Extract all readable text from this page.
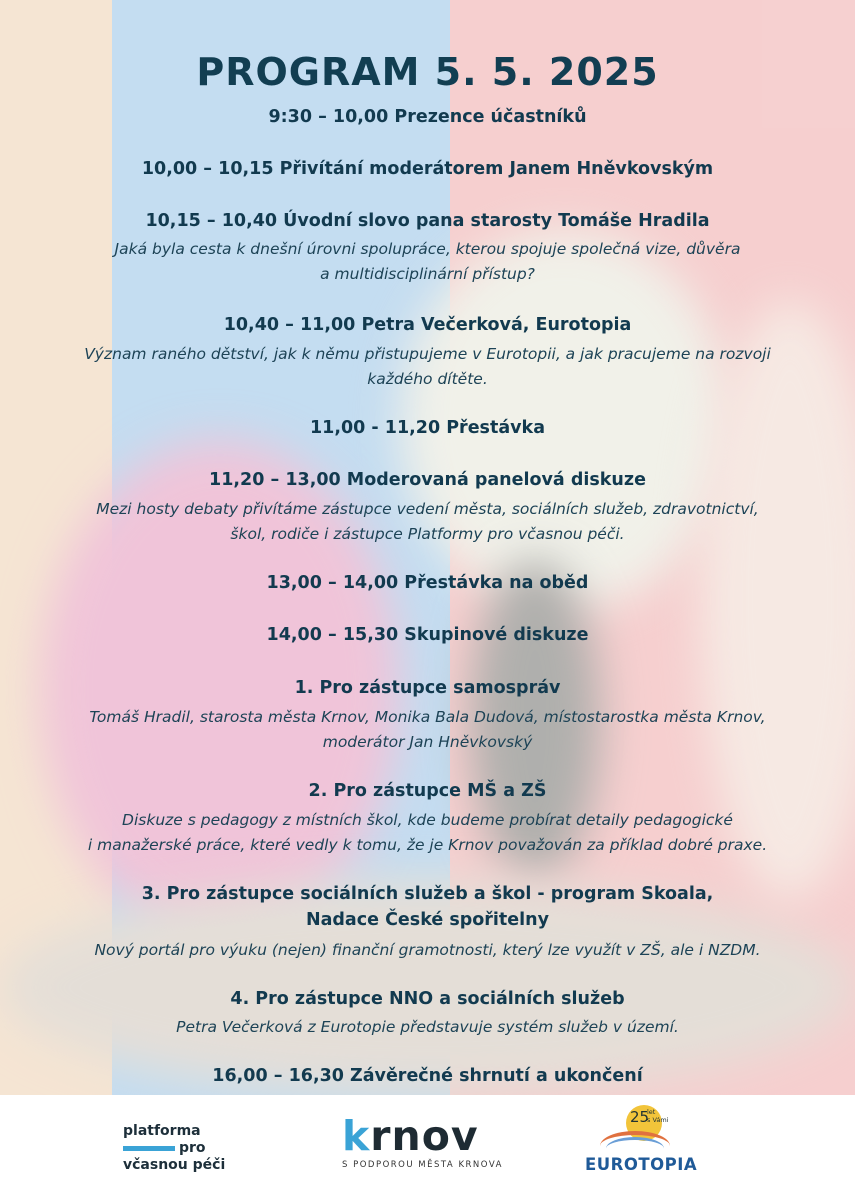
PROGRAM 5. 5. 2025
9:30 – 10,00 Prezence účastníků
10,00 – 10,15 Přivítání moderátorem Janem Hněvkovským
10,15 – 10,40 Úvodní slovo pana starosty Tomáše Hradila
Jaká byla cesta k dnešní úrovni spolupráce, kterou spojuje společná vize, důvěra
a multidisciplinární přístup?
10,40 – 11,00 Petra Večerková, Eurotopia
Význam raného dětství, jak k němu přistupujeme v Eurotopii, a jak pracujeme na rozvoji
každého dítěte.
11,00 - 11,20 Přestávka
11,20 – 13,00 Moderovaná panelová diskuze
Mezi hosty debaty přivítáme zástupce vedení města, sociálních služeb, zdravotnictví,
škol, rodiče i zástupce Platformy pro včasnou péči.
13,00 – 14,00 Přestávka na oběd
14,00 – 15,30 Skupinové diskuze
1. Pro zástupce samospráv
Tomáš Hradil, starosta města Krnov, Monika Bala Dudová, místostarostka města Krnov,
moderátor Jan Hněvkovský
2. Pro zástupce MŠ a ZŠ
Diskuze s pedagogy z místních škol, kde budeme probírat detaily pedagogické
i manažerské práce, které vedly k tomu, že je Krnov považován za příklad dobré praxe.
3. Pro zástupce sociálních služeb a škol - program Skoala,
Nadace České spořitelny
Nový portál pro výuku (nejen) finanční gramotnosti, který lze využít v ZŠ, ale i NZDM.
4. Pro zástupce NNO a sociálních služeb
Petra Večerková z Eurotopie představuje systém služeb v území.
16,00 – 16,30 Závěrečné shrnutí a ukončení
platforma
pro
včasnou péči
krnov
S PODPOROU MĚSTA KRNOVA
25
let
s Vámi
EUROTOPIA
